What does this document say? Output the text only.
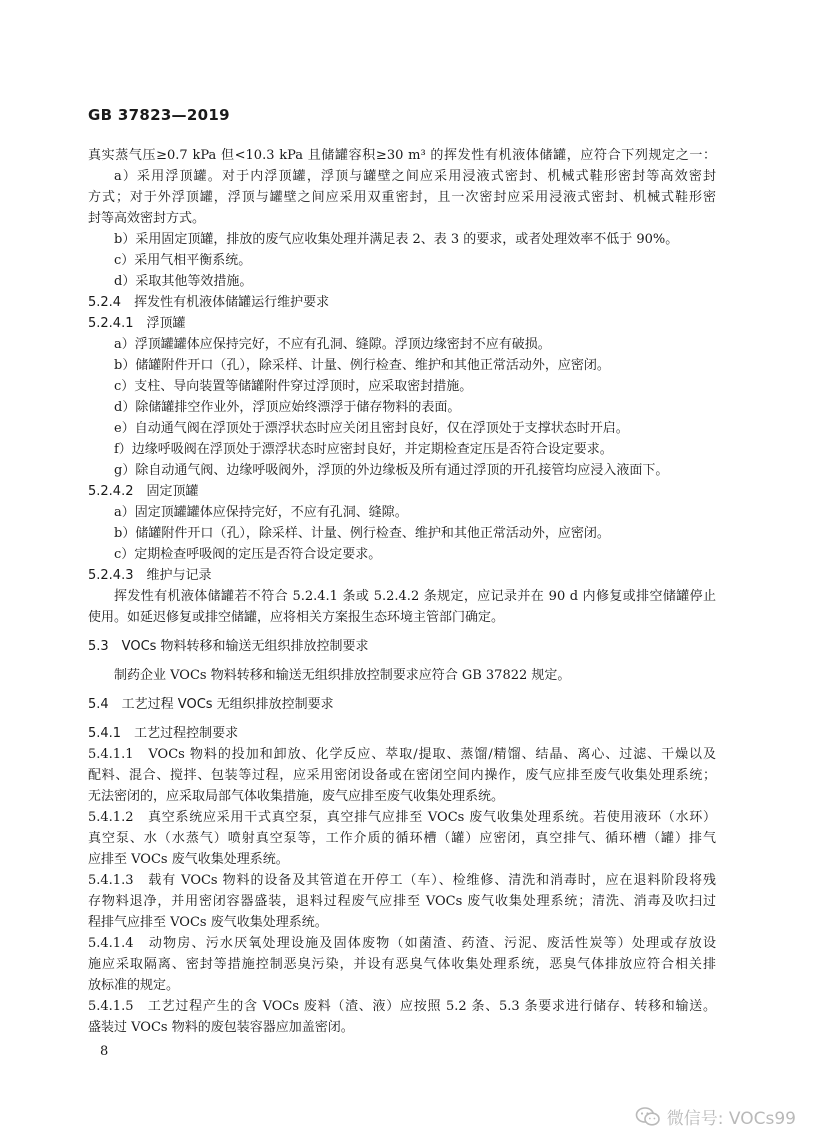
GB 37823—2019
真实蒸气压≥0.7 kPa 但<10.3 kPa 且储罐容积≥30 m³ 的挥发性有机液体储罐，应符合下列规定之一：
a）采用浮顶罐。对于内浮顶罐，浮顶与罐壁之间应采用浸液式密封、机械式鞋形密封等高效密封
方式；对于外浮顶罐，浮顶与罐壁之间应采用双重密封，且一次密封应采用浸液式密封、机械式鞋形密
封等高效密封方式。
b）采用固定顶罐，排放的废气应收集处理并满足表 2、表 3 的要求，或者处理效率不低于 90%。
c）采用气相平衡系统。
d）采取其他等效措施。
5.2.4　挥发性有机液体储罐运行维护要求
5.2.4.1　浮顶罐
a）浮顶罐罐体应保持完好，不应有孔洞、缝隙。浮顶边缘密封不应有破损。
b）储罐附件开口（孔），除采样、计量、例行检查、维护和其他正常活动外，应密闭。
c）支柱、导向装置等储罐附件穿过浮顶时，应采取密封措施。
d）除储罐排空作业外，浮顶应始终漂浮于储存物料的表面。
e）自动通气阀在浮顶处于漂浮状态时应关闭且密封良好，仅在浮顶处于支撑状态时开启。
f）边缘呼吸阀在浮顶处于漂浮状态时应密封良好，并定期检查定压是否符合设定要求。
g）除自动通气阀、边缘呼吸阀外，浮顶的外边缘板及所有通过浮顶的开孔接管均应浸入液面下。
5.2.4.2　固定顶罐
a）固定顶罐罐体应保持完好，不应有孔洞、缝隙。
b）储罐附件开口（孔），除采样、计量、例行检查、维护和其他正常活动外，应密闭。
c）定期检查呼吸阀的定压是否符合设定要求。
5.2.4.3　维护与记录
挥发性有机液体储罐若不符合 5.2.4.1 条或 5.2.4.2 条规定，应记录并在 90 d 内修复或排空储罐停止
使用。如延迟修复或排空储罐，应将相关方案报生态环境主管部门确定。
5.3　VOCs 物料转移和输送无组织排放控制要求
制药企业 VOCs 物料转移和输送无组织排放控制要求应符合 GB 37822 规定。
5.4　工艺过程 VOCs 无组织排放控制要求
5.4.1　工艺过程控制要求
5.4.1.1　VOCs 物料的投加和卸放、化学反应、萃取/提取、蒸馏/精馏、结晶、离心、过滤、干燥以及
配料、混合、搅拌、包装等过程，应采用密闭设备或在密闭空间内操作，废气应排至废气收集处理系统；
无法密闭的，应采取局部气体收集措施，废气应排至废气收集处理系统。
5.4.1.2　真空系统应采用干式真空泵，真空排气应排至 VOCs 废气收集处理系统。若使用液环（水环）
真空泵、水（水蒸气）喷射真空泵等，工作介质的循环槽（罐）应密闭，真空排气、循环槽（罐）排气
应排至 VOCs 废气收集处理系统。
5.4.1.3　载有 VOCs 物料的设备及其管道在开停工（车）、检维修、清洗和消毒时，应在退料阶段将残
存物料退净，并用密闭容器盛装，退料过程废气应排至 VOCs 废气收集处理系统；清洗、消毒及吹扫过
程排气应排至 VOCs 废气收集处理系统。
5.4.1.4　动物房、污水厌氧处理设施及固体废物（如菌渣、药渣、污泥、废活性炭等）处理或存放设
施应采取隔离、密封等措施控制恶臭污染，并设有恶臭气体收集处理系统，恶臭气体排放应符合相关排
放标准的规定。
5.4.1.5　工艺过程产生的含 VOCs 废料（渣、液）应按照 5.2 条、5.3 条要求进行储存、转移和输送。
盛装过 VOCs 物料的废包装容器应加盖密闭。
8
微信号: VOCs99
